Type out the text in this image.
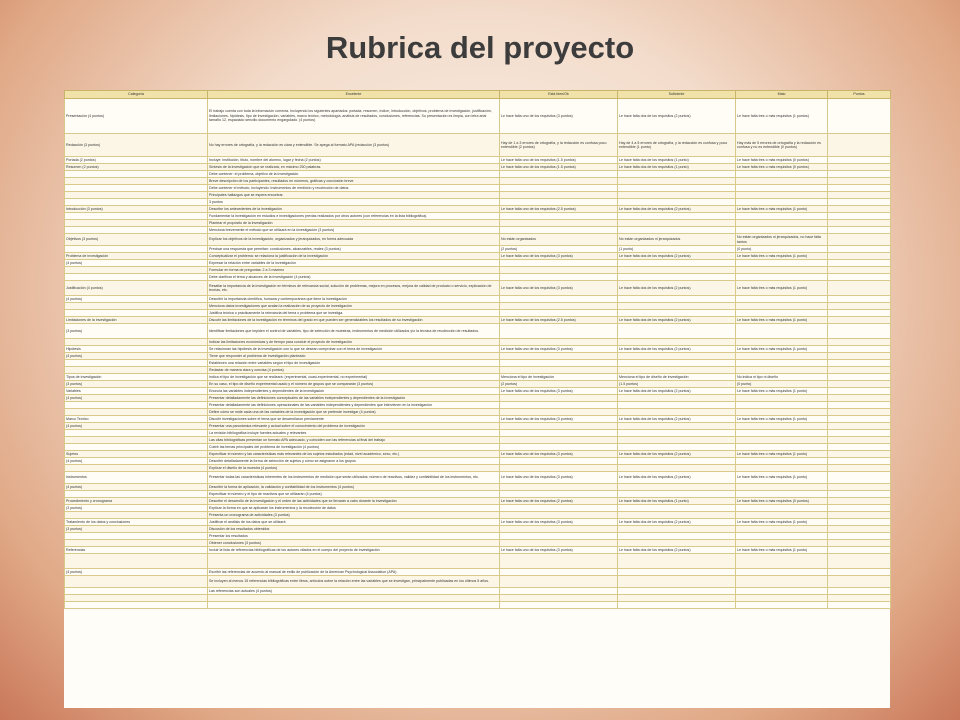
Rubrica del proyecto
Categoría	Excelente	Está bien/Ok	Suficiente	Malo	Puntos
Presentación (4 puntos)	El trabajo cuenta con toda la información correcta. Incluyendo los siguientes apartados: portada, resumen, índice, introducción, objetivos, problema de investigación, justificación, limitaciones, hipótesis, tipo de investigación, variables, marco teórico, metodología, análisis de resultados, conclusiones, referencias. Su presentación es limpia, con letra arial tamaño 12, espaciado sencillo documento engargolado. (4 puntos)	Le hace falta uno de los requisitos (3 puntos)	Le hace falta dos de los requisitos (2 puntos)	Le hace falta tres o más requisitos (1 puntos)	
Redacción (3 puntos)	No hay errores de ortografía, y la redacción es clara y entendible. Se apega al formato APA (redacción (3 puntos)	Hay de 1 a 3 errores de ortografía, y la redacción es confusa poco entendible (2 puntos)	Hay de 4 a 5 errores de ortografía, y la redacción es confusa y poco entendible (1 punto)	Hay más de 5 errores de ortografía y la redacción es confusa y no es entendible (0 puntos)	
Portada (2 puntos)	Incluye: institución, título, nombre del alumno, lugar y fecha (2 puntos)	Le hace falta uno de los requisitos (1.5 puntos)	Le hace falta dos de los requisitos (1 punto)	Le hace falta tres o más requisitos (0 puntos)	
Resumen (2 puntos)	Síntesis de la investigación que se realizará, en máximo 250 palabras.	Le hace falta uno de los requisitos (1.5 puntos)	Le hace falta dos de los requisitos (1 punto)	Le hace falta tres o más requisitos (0 puntos)	
	Debe contener: el problema, objetivo de la investigación.				
	Breve descripción de los participantes, resultados en números, gráficas y conclusión breve.				
	Debe contener el método, incluyendo: instrumentos de medición y recolección de datos.				
	Principales hallazgos que se espera encontrar.				
	3 puntos				
Introducción (3 puntos)	Describe los antecedentes de la investigación	Le hace falta uno de los requisitos (2.5 puntos)	Le hace falta dos de los requisitos (2 puntos)	Le hace falta tres o más requisitos (1 punto)	
	Fundamentar la investigación en estudios e investigaciones previas realizados por otros autores (con referencias en la lista bibliográfica).				
	Plantear el propósito de la investigación				
	Menciona brevemente el método que se utilizará en la investigación (3 puntos)				
Objetivos (3 puntos)	Explicar los objetivos de la investigación, organizados y jerarquizados, en forma adecuada	No están organizados	No están organizados ni jerarquizados	No están organizados ni jerarquizados, no hace falta tantos	
	Precisar una respuesta que permitan: conclusiones, alcanzables, reales (3 puntos)	(2 puntos)	(1 punto)	(0 punto)	
Problema de investigación	Conceptualizar el problema: se relaciona la justificación de la investigación	Le hace falta uno de los requisitos (3 puntos)	Le hace falta dos de los requisitos (2 puntos)	Le hace falta tres o más requisitos (1 punto)	
(4 puntos)	Expresar la relación entre variables de la investigación				
	Formular en forma de preguntas: 2 a 3 máximo				
	Debe clarificar el tema y alcances de la investigación (4 puntos)				
Justificación (4 puntos)	Resaltar la importancia de la investigación en términos de relevancia social, solución de problemas, mejora en procesos, mejora de calidad de producto o servicio, explicación de teorías, etc.	Le hace falta uno de los requisitos (3 puntos)	Le hace falta dos de los requisitos (2 puntos)	Le hace falta tres o más requisitos (1 punto)	
(4 puntos)	Describir la importancia científica, humana y contemporánea que tiene la investigación				
	Menciona datos investigaciones que avalan la realización de su proyecto de investigación				
	Justifica teórica o prácticamente la relevancia del tema o problema que se investiga.				
Limitaciones de la investigación	Discutir las limitaciones de la investigación en términos del grado en que pueden ser generalizables los resultados de su investigación	Le hace falta uno de los requisitos (2.5 puntos)	Le hace falta dos de los requisitos (2 puntos)	Le hace falta tres o más requisitos (1 punto)	
(3 puntos)	Identificar limitaciones que impiden el control de variables, tipo de selección de muestras, instrumentos de medición utilizados y/o la técnica de recolección de resultados.				
	Indicar las limitaciones económicas y de tiempo para concluir el proyecto de investigación				
Hipótesis	Se relacionan las hipótesis de la investigación con lo que se desean comprobar con el tema de investigación	Le hace falta uno de los requisitos (3 puntos)	Le hace falta dos de los requisitos (2 puntos)	Le hace falta tres o más requisitos (1 punto)	
(4 puntos)	Tiene que responder al problema de investigación planteado				
	Establecen una relación entre variables según el tipo de investigación				
	Redactar de manera clara y concisa (4 puntos)				
Tipos de investigación	Indica el tipo de investigación que se realizará: (experimental, cuasi-experimental, no experimental)	Menciona el tipo de investigación	Menciona el tipo de diseño de investigación	No indica ni tipo ni diseño	
(3 puntos)	En su caso, el tipo de diseño experimental usado y el número de grupos que se compararán (3 puntos)	(2 puntos)	(1.5 puntos)	(0 punto)	
Variables	Enuncia las variables independientes y dependientes de la investigación	Le hace falta uno de los requisitos (3 puntos)	Le hace falta dos de los requisitos (2 puntos)	Le hace falta tres o más requisitos (1 punto)	
(4 puntos)	Presentar detalladamente las definiciones conceptuales de las variables independientes y dependientes de la investigación				
	Presentar detalladamente las definiciones operacionales de las variables independientes y dependientes que intervienen en la investigación				
	Define cómo se mide cada una de las variables de la investigación que se pretende investigar (4 puntos)				
Marco Teórico	Discutir investigaciones sobre el tema que se desarrollaron previamente	Le hace falta uno de los requisitos (3 puntos)	Le hace falta dos de los requisitos (2 puntos)	Le hace falta tres o más requisitos (1 punto)	
(4 puntos)	Presentar una panorámica relevante y actual sobre el conocimiento del problema de investigación				
	La revisión bibliográfica incluye fuentes actuales y relevantes				
	Las citas bibliográficas presentan un formato APA adecuado, y coinciden con las referencias al final del trabajo				
	Cubrir las temas principales del problema de investigación (4 puntos)				
Sujetos	Especificar el número y las características más relevantes de los sujetos estudiados (edad, nivel académico, sexo, etc.)	Le hace falta uno de los requisitos (3 puntos)	Le hace falta dos de los requisitos (2 puntos)	Le hace falta tres o más requisitos (1 punto)	
(4 puntos)	Describir detalladamente la forma de selección de sujetos y cómo se asignaron a los grupos				
	Explicar el diseño de la muestra (4 puntos)				
Instrumentos	Presentar todas las características inherentes de los instrumentos de medición que serán utilizados: número de reactivos, validez y confiabilidad de los instrumentos, etc.	Le hace falta uno de los requisitos (3 puntos)	Le hace falta dos de los requisitos (2 puntos)	Le hace falta tres o más requisitos (1 punto)	
(4 puntos)	Describir la forma de aplicación, la validación y confiabilidad de los instrumentos (4 puntos)				
	Especificar el número y el tipo de reactivos que se utilizarán (4 puntos)				
Procedimiento y cronograma	Describe el desarrollo de la investigación y el orden de las actividades que se llevarán a cabo durante la investigación	Le hace falta uno de los requisitos (2 puntos)	Le hace falta dos de los requisitos (1 punto)	Le hace falta tres o más requisitos (0 puntos)	
(3 puntos)	Explicar la forma en que se aplicarán los instrumentos y la recolección de datos				
	Presenta un cronograma de actividades (3 puntos)				
Tratamiento de los datos y conclusiones	Justificar el análisis de los datos que se utilizará	Le hace falta uno de los requisitos (3 puntos)	Le hace falta dos de los requisitos (2 puntos)	Le hace falta tres o más requisitos (1 punto)	
(3 puntos)	Discusión de los resultados obtenidos				
	Presentar los resultados				
	Obtener conclusiones (3 puntos)				
Referencias	Incluir la lista de referencias bibliográficas de los autores citados en el cuerpo del proyecto de investigación	Le hace falta uno de los requisitos (3 puntos)	Le hace falta dos de los requisitos (2 puntos)	Le hace falta tres o más requisitos (1 punto)	

(4 puntos)	Escribir las referencias de acuerdo al manual de estilo de publicación de la American Psychological Association (APA)				
	Se incluyen al menos 15 referencias bibliográficas entre libros, artículos sobre la relación entre las variables que se investigan, principalmente publicadas en los últimos 5 años.				
	Las referencias son actuales (4 puntos)				
